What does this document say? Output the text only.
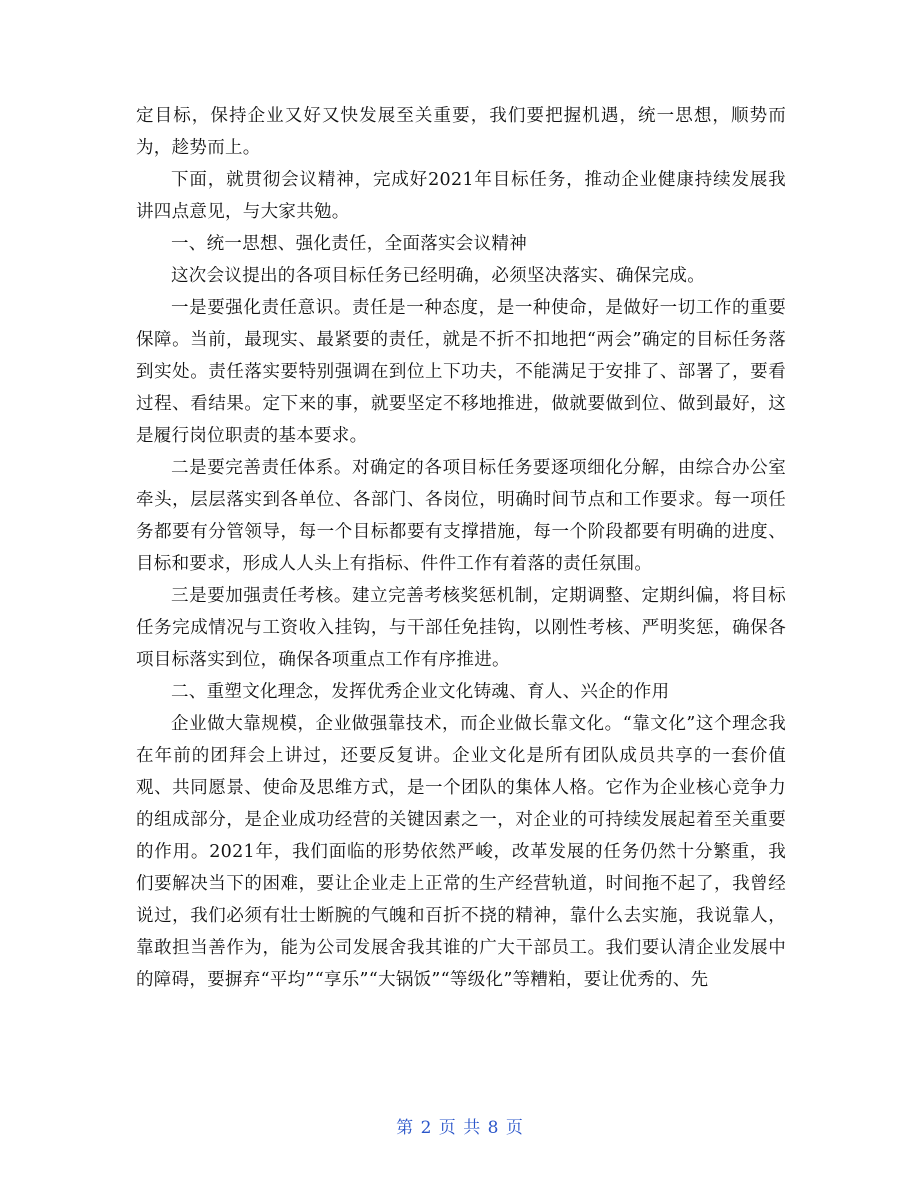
定目标，保持企业又好又快发展至关重要，我们要把握机遇，统一思想，顺势而为，趁势而上。

下面，就贯彻会议精神，完成好2021年目标任务，推动企业健康持续发展我讲四点意见，与大家共勉。

一、统一思想、强化责任，全面落实会议精神

这次会议提出的各项目标任务已经明确，必须坚决落实、确保完成。

一是要强化责任意识。责任是一种态度，是一种使命，是做好一切工作的重要保障。当前，最现实、最紧要的责任，就是不折不扣地把“两会”确定的目标任务落到实处。责任落实要特别强调在到位上下功夫，不能满足于安排了、部署了，要看过程、看结果。定下来的事，就要坚定不移地推进，做就要做到位、做到最好，这是履行岗位职责的基本要求。

二是要完善责任体系。对确定的各项目标任务要逐项细化分解，由综合办公室牵头，层层落实到各单位、各部门、各岗位，明确时间节点和工作要求。每一项任务都要有分管领导，每一个目标都要有支撑措施，每一个阶段都要有明确的进度、目标和要求，形成人人头上有指标、件件工作有着落的责任氛围。

三是要加强责任考核。建立完善考核奖惩机制，定期调整、定期纠偏，将目标任务完成情况与工资收入挂钩，与干部任免挂钩，以刚性考核、严明奖惩，确保各项目标落实到位，确保各项重点工作有序推进。

二、重塑文化理念，发挥优秀企业文化铸魂、育人、兴企的作用

企业做大靠规模，企业做强靠技术，而企业做长靠文化。“靠文化”这个理念我在年前的团拜会上讲过，还要反复讲。企业文化是所有团队成员共享的一套价值观、共同愿景、使命及思维方式，是一个团队的集体人格。它作为企业核心竞争力的组成部分，是企业成功经营的关键因素之一，对企业的可持续发展起着至关重要的作用。2021年，我们面临的形势依然严峻，改革发展的任务仍然十分繁重，我们要解决当下的困难，要让企业走上正常的生产经营轨道，时间拖不起了，我曾经说过，我们必须有壮士断腕的气魄和百折不挠的精神，靠什么去实施，我说靠人，靠敢担当善作为，能为公司发展舍我其谁的广大干部员工。我们要认清企业发展中的障碍，要摒弃“平均”“享乐”“大锅饭”“等级化”等糟粕，要让优秀的、先

第 2 页 共 8 页
